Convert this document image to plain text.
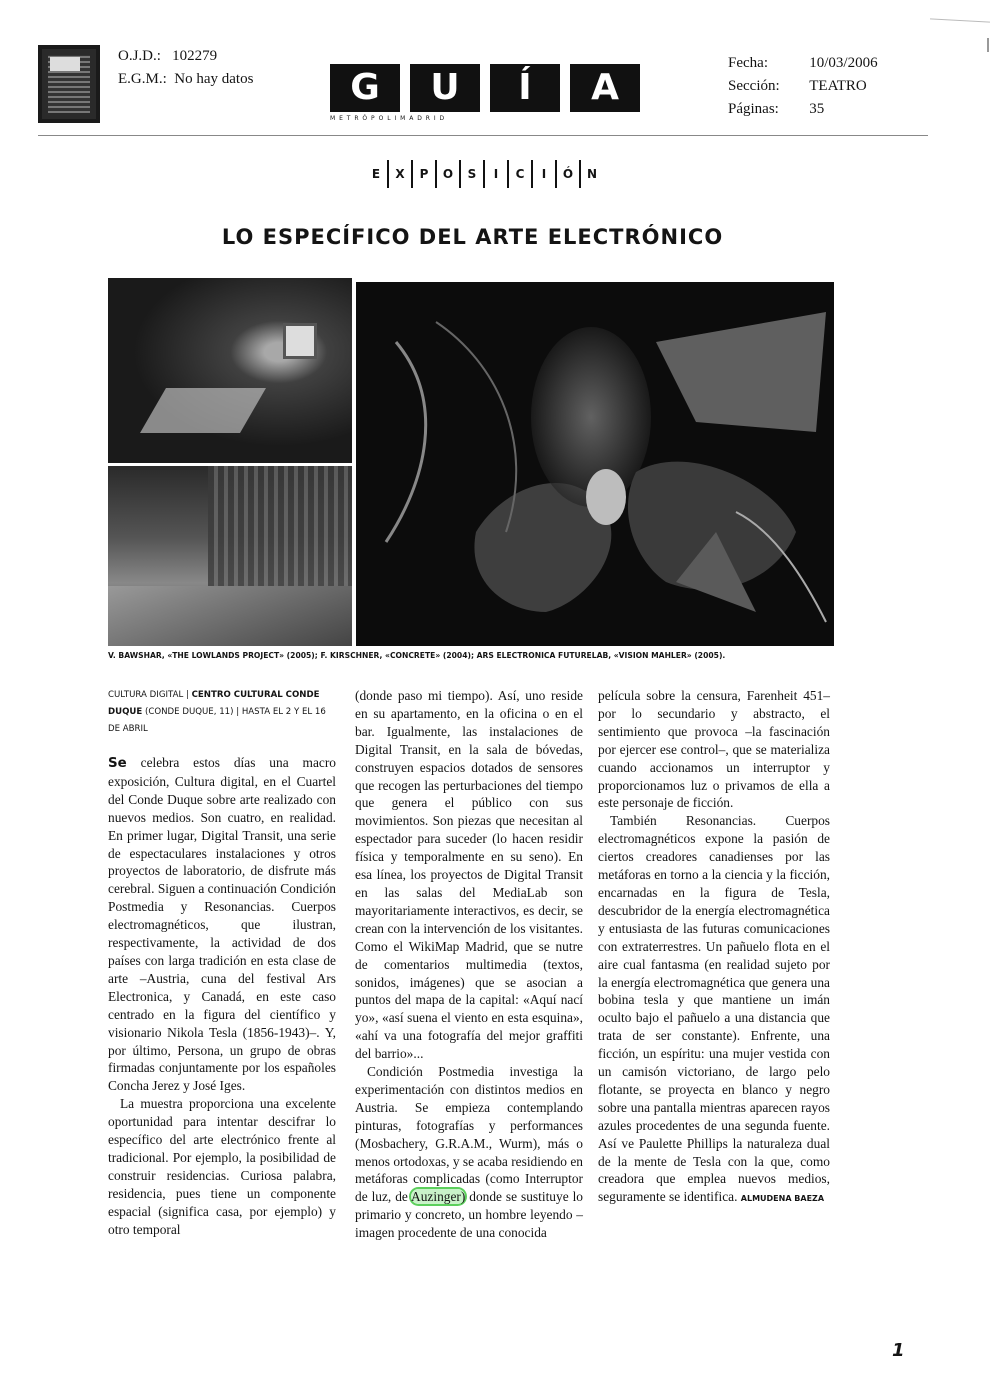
O.J.D.: 102279
E.G.M.: No hay datos	G	U	Í	A
M E T R Ó P O L I M A D R I D
Fecha:	10/03/2006
Sección: TEATRO
Páginas: 35
E	X	P	O	S	I	C	I	Ó	N
LO ESPECÍFICO DEL ARTE ELECTRÓNICO
V. BAWSHAR, «THE LOWLANDS PROJECT» (2005); F. KIRSCHNER, «CONCRETE» (2004); ARS ELECTRONICA FUTURELAB, «VISION MAHLER» (2005).
CULTURA DIGITAL | CENTRO CULTURAL CONDE DUQUE (CONDE DUQUE, 11) | HASTA EL 2 Y EL 16 DE ABRIL

Se celebra estos días una macro exposición, Cultura digital, en el Cuartel del Conde Duque sobre arte realizado con nuevos medios. Son cuatro, en realidad. En primer lugar, Digital Transit, una serie de espectaculares instalaciones y otros proyectos de laboratorio, de disfrute más cerebral. Siguen a continuación Condición Postmedia y Resonancias. Cuerpos electromagnéticos, que ilustran, respectivamente, la actividad de dos países con larga tradición en esta clase de arte –Austria, cuna del festival Ars Electronica, y Canadá, en este caso centrado en la figura del científico y visionario Nikola Tesla (1856-1943)–. Y, por último, Persona, un grupo de obras firmadas conjuntamente por los españoles Concha Jerez y José Iges.

La muestra proporciona una excelente oportunidad para intentar descifrar lo específico del arte electrónico frente al tradicional. Por ejemplo, la posibilidad de construir residencias. Curiosa palabra, residencia, pues tiene un componente espacial (significa casa, por ejemplo) y otro temporal

(donde paso mi tiempo). Así, uno reside en su apartamento, en la oficina o en el bar. Igualmente, las instalaciones de Digital Transit, en la sala de bóvedas, construyen espacios dotados de sensores que recogen las perturbaciones del tiempo que genera el público con sus movimientos. Son piezas que necesitan al espectador para suceder (lo hacen residir física y temporalmente en su seno). En esa línea, los proyectos de Digital Transit en las salas del MediaLab son mayoritariamente interactivos, es decir, se crean con la intervención de los visitantes. Como el WikiMap Madrid, que se nutre de comentarios multimedia (textos, sonidos, imágenes) que se asocian a puntos del mapa de la capital: «Aquí nací yo», «así suena el viento en esta esquina», «ahí va una fotografía del mejor graffiti del barrio»...

Condición Postmedia investiga la experimentación con distintos medios en Austria. Se empieza contemplando pinturas, fotografías y performances (Mosbachery, G.R.A.M., Wurm), más o menos ortodoxas, y se acaba residiendo en metáforas complicadas (como Interruptor de luz, de Auzinger) donde se sustituye lo primario y concreto, un hombre leyendo –imagen procedente de una conocida

película sobre la censura, Farenheit 451– por lo secundario y abstracto, el sentimiento que provoca –la fascinación por ejercer ese control–, que se materializa cuando accionamos un interruptor y proporcionamos luz o privamos de ella a este personaje de ficción.

También Resonancias. Cuerpos electromagnéticos expone la pasión de ciertos creadores canadienses por las metáforas en torno a la ciencia y la ficción, encarnadas en la figura de Tesla, descubridor de la energía electromagnética y entusiasta de las futuras comunicaciones con extraterrestres. Un pañuelo flota en el aire cual fantasma (en realidad sujeto por la energía electromagnética que genera una bobina tesla y que mantiene un imán oculto bajo el pañuelo a una distancia que trata de ser constante). Enfrente, una ficción, un espíritu: una mujer vestida con un camisón victoriano, de largo pelo flotante, se proyecta en blanco y negro sobre una pantalla mientras aparecen rayos azules procedentes de una segunda fuente. Así ve Paulette Phillips la naturaleza dual de la mente de Tesla con la que, como creadora que emplea nuevos medios, seguramente se identifica. ALMUDENA BAEZA

1
